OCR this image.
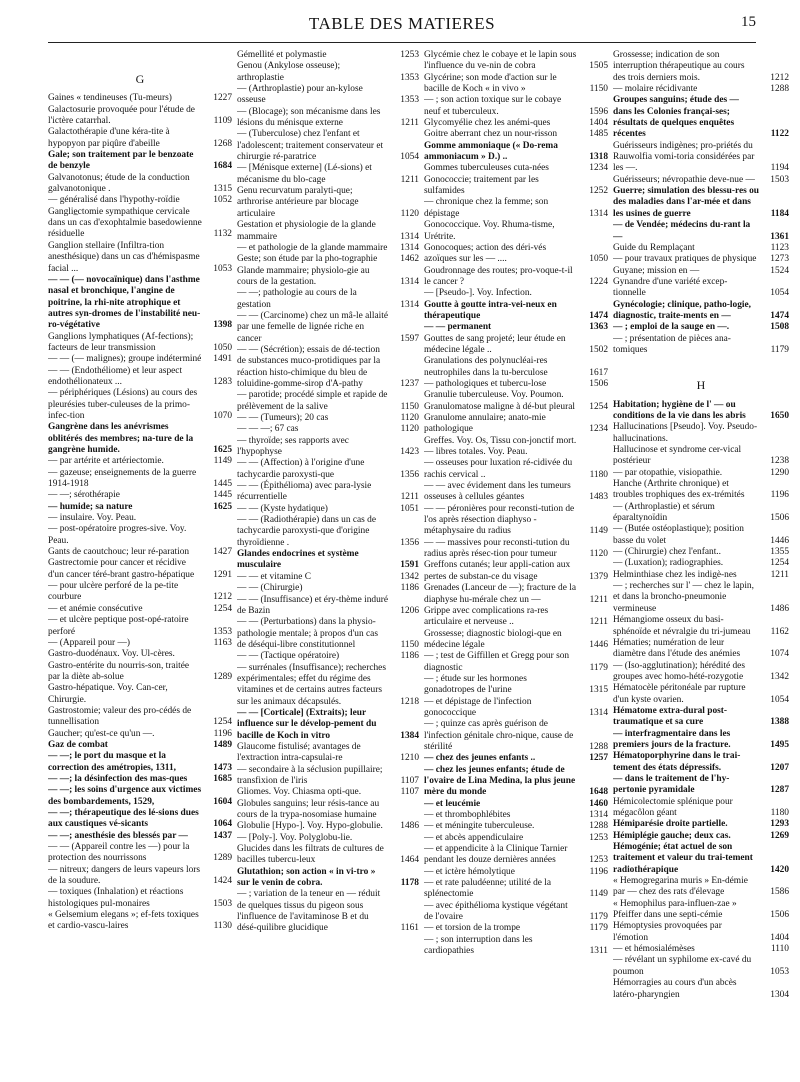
TABLE DES MATIERES	15
G
Gaines « tendineuses (Tu-meurs)	1227
Galactosurie provoquée pour l'étude de l'ictère catarrhal.	1109
Galactothérapie d'une kéra-tite à hypopyon par piqûre d'abeille	1268
Gale; son traitement par le benzoate de benzyle	1684
Galvanotonus; étude de la conduction galvanotonique .	1315
— généralisé dans l'hypothy-roïdie	1052
Ganglie̲ctomie sympathique cervicale dans un cas d'exophtalmie basedowienne résiduelle	1132
Ganglion stellaire (Infiltra-tion anesthésique) dans un cas d'hémispasme facial ...	1053
— — (— novocaïnique) dans l'asthme nasal et bronchique, l'angine de poitrine, la rhi-nite atrophique et autres syn-dromes de l'instabilité neu-ro-végétative	1398
Ganglions lymphatiques (Af-fections); facteurs de leur transmission	1050
— — (— malignes); groupe indéterminé	1491
— — (Endothéliome) et leur aspect endothélionateux ...	1283
— périphériques (Lésions) au cours des pleurésies tuber-culeuses de la primo-infec-tion	1070
Gangrène dans les anévrismes oblitérés des membres; na-ture de la gangrène humide.	1625
— par artérite et artériectomie.	1149
— gazeuse; enseignements de la guerre 1914-1918	1445
— —; sérothérapie	1445
— humide; sa nature	1625
— insulaire. Voy. Peau.
— post-opératoire progres-sive. Voy. Peau.
Gants de caoutchouc; leur ré-paration	1427
Gastrectomie pour cancer et récidive d'un cancer téré-brant gastro-hépatique	1291
— pour ulcère perforé de la pe-tite courbure	1212
— et anémie consécutive	1254
— et ulcère peptique post-opé-ratoire perforé	1353
— (Appareil pour —)	1163
Gastro-duodénaux. Voy. Ul-cères.
Gastro-entérite du nourris-son, traitée par la diète ab-solue	1289
Gastro-hépatique. Voy. Can-cer, Chirurgie.
Gastrostomie; valeur des pro-cédés de tunnellisation	1254
Gaucher; qu'est-ce qu'un —.	1196
Gaz de combat	1489
— —; le port du masque et la correction des amétropies, 1311,	1473
— —; la désinfection des mas-ques	1685
— —; les soins d'urgence aux victimes des bombardements, 1529,	1604
— —; thérapeutique des lé-sions dues aux caustiques vé-sicants	1064
— —; anesthésie des blessés par —	1437
— — (Appareil contre les —) pour la protection des nourrissons	1289
— nitreux; dangers de leurs vapeurs lors de la soudure.	1424
— toxiques (Inhalation) et réactions histologiques pul-monaires	1503
« Gelsemium elegans »; ef-fets toxiques et cardio-vascu-laires	1130
Gémellité et polymastie	1253
Genou (Ankylose osseuse); arthroplastie	1353
— (Arthroplastie) pour an-kylose osseuse	1353
— (Blocage); son mécanisme dans les lésions du ménisque externe	1211
— (Tuberculose) chez l'enfant et l'adolescent; traitement conservateur et chirurgie ré-paratrice	1054
— [Ménisque externe] (Lé-sions) et mécanisme du blo-cage	1211
Genu recurvatum paralyti-que; arthrorise antérieure par blocage articulaire	1120
Gestation et physiologie de la glande mammaire	1314
— et pathologie de la glande mammaire	1314
Geste; son étude par la pho-tographie	1462
Glande mammaire; physiolo-gie au cours de la gestation.	1314
— —; pathologie au cours de la gestation	1314
— — (Carcinome) chez un mâ-le allaité par une femelle de lignée riche en cancer	1597
— — (Sécrétion); essais de dé-tection de substances muco-protidiques par la réaction histo-chimique du bleu de toluidine-gomme-sirop d'A-pathy	1237
— parotide; procédé simple et rapide de prélèvement de la salive	1150
— — (Tumeurs); 20 cas	1120
— — —; 67 cas	1120
— thyroïde; ses rapports avec l'hypophyse	1423
— — (Affection) à l'origine d'une tachycardie paroxysti-que	1356
— — (Épithélioma) avec para-lysie récurrentielle	1211
— — (Kyste hydatique)	1051
— — (Radiothérapie) dans un cas de tachycardie paroxysti-que d'origine thyroïdienne .	1356
Glandes endocrines et système musculaire	1591
— — et vitamine C	1342
— — (Chirurgie)	1186
— — (Insuffisance) et éry-thème induré de Bazin	1206
— — (Perturbations) dans la physio-pathologie mentale; à propos d'un cas de déséqui-libre constitutionnel	1150
— — (Tactique opératoire)	1186
— surrénales (Insuffisance); recherches expérimentales; effet du régime des vitamines et de certains autres facteurs sur les animaux décapsulés.	1218
— — [Corticale] (Extraits); leur influence sur le dévelop-pement du bacille de Koch in vitro	1384
Glaucome fistulisé; avantages de l'extraction intra-capsulai-re	1210
— secondaire à la séclusion pupillaire; transfixion de l'iris	1107
Gliomes. Voy. Chiasma opti-que.	1107
Globules sanguins; leur résis-tance au cours de la trypa-nosomiase humaine
Globulie [Hypo-]. Voy. Hypo-globulie.	1486
— [Poly-]. Voy. Polyglobu-lie.
Glucides dans les filtrats de cultures de bacilles tubercu-leux	1464
Glutathion; son action « in vi-tro » sur le venin de cobra.	1178
— ; variation de la teneur en — réduit de quelques tissus du pigeon sous l'influence de l'avitaminose B et du désé-quilibre glucidique	1161
Glycémie chez le cobaye et le lapin sous l'influence du ve-nin de cobra	1505
Glycérine; son mode d'action sur le bacille de Koch « in vivo »	1150
— ; son action toxique sur le cobaye neuf et tuberculeux.	1596
Glycomyélie chez les anémi-ques	1404
Goitre aberrant chez un nour-risson	1485
Gomme ammoniaque (« Do-rema ammoniacum » D.) ..	1318
Gommes tuberculeuses cuta-nées	1234
Gonococcie; traitement par les sulfamides	1252
— chronique chez la femme; son dépistage	1314
Gonococcique. Voy. Rhuma-tisme, Urétrite.
Gonocoques; action des déri-vés azoïques sur les — ....	1050
Goudronnage des routes; pro-voque-t-il le cancer ?	1224
— [Pseudo-]. Voy. Infection.
Goutte à goutte intra-vei-neux en thérapeutique	1474
— — permanent	1363
Gouttes de sang projeté; leur étude en médecine légale ..	1502
Granulations des polynucléai-res neutrophiles dans la tu-berculose	1617
— pathologiques et tubercu-lose	1506
Granulie tuberculeuse. Voy. Poumon.
Granulomatose maligne à dé-but pleural	1254
Granulome annulaire; anato-mie pathologique	1234
Greffes. Voy. Os, Tissu con-jonctif mort.
— libres totales. Voy. Peau.
— osseuses pour luxation ré-cidivée du rachis cervical ..	1180
— — avec évidement dans les tumeurs osseuses à cellules géantes	1483
— — péronières pour reconsti-tution de l'os après résection diaphyso - métaphysaire du radius	1149
— — massives pour reconsti-tution du radius après résec-tion pour tumeur	1120
Greffons cutanés; leur appli-cation aux pertes de substan-ce du visage	1379
Grenades (Lanceur de —); fracture de la diaphyse hu-mérale chez un —	1211
Grippe avec complications ra-res articulaire et nerveuse ..	1211
Grossesse; diagnostic biologi-que en médecine légale	1446
— ; test de Giffillen et Gregg pour son diagnostic	1179
— ; étude sur les hormones gonadotropes de l'urine	1315
— et dépistage de l'infection gonococcique	1314
— ; quinze cas après guérison de l'infection génitale chro-nique, cause de stérilité	1288
— chez des jeunes enfants ..	1257
— chez les jeunes enfants; étude de l'ovaire de Lina Medina, la plus jeune mère du monde	1648
— et leucémie	1460
— et thrombophlébites	1314
— et méningite tuberculeuse.	1288
— et abcès appendiculaire	1253
— et appendicite à la Clinique Tarnier pendant les douze dernières années	1253
— et ictère hémolytique	1196
— et rate paludéenne; utilité de la splénectomie	1149
— avec épithélioma kystique végétant de l'ovaire	1179
— et torsion de la trompe	1179
— ; son interruption dans les cardiopathies	1311
Grossesse; indication de son interruption thérapeutique au cours des trois derniers mois.	1212
— molaire récidivante	1288
Groupes sanguins; étude des — dans les Colonies françai-ses; résultats de quelques enquêtes récentes	1122
Guérisseurs indigènes; pro-priétés du Rauwolfia vomi-toria considérées par les —.	1194
Guérisseurs; névropathie deve-nue —	1503
Guerre; simulation des blessu-res ou des maladies dans l'ar-mée et dans les usines de guerre	1184
— de Vendée; médecins du-rant la —	1361
Guide du Remplaçant	1123
— pour travaux pratiques de physique	1273
Guyane; mission en —	1524
Gynandre d'une variété excep-tionnelle	1054
Gynécologie; clinique, patho-logie, diagnostic, traite-ments en —	1474
— ; emploi de la sauge en —.	1508
— ; présentation de pièces ana-tomiques	1179
H
Habitation; hygiène de l' — ou conditions de la vie dans les abris	1650
Hallucinations [Pseudo]. Voy. Pseudo-hallucinations.
Hallucinose et syndrome cer-vical postérieur	1238
— par otopathie, visiopathie.	1290
Hanche (Arthrite chronique) et troubles trophiques des ex-trémités	1196
— (Arthroplastie) et sérum éparaltynoïdin	1506
— (Butée ostéoplastique); position basse du volet	1446
— (Chirurgie) chez l'enfant..	1355
— (Luxation); radiographies.	1254
Helminthiase chez les indigè-nes	1211
— ; recherches sur l' — chez le lapin, et dans la broncho-pneumonie vermineuse	1486
Hémangiome osseux du basi-sphénoïde et névralgie du tri-jumeau	1162
Hématies; numération de leur diamètre dans l'étude des anémies	1074
— (Iso-agglutination); hérédité des groupes avec homo-hété-rozygotie	1342
Hématocèle péritonéale par rupture d'un kyste ovarien.	1054
Hématome extra-dural post-traumatique et sa cure	1388
— interfragmentaire dans les premiers jours de la fracture.	1495
Hématoporphyrine dans le trai-tement des états dépressifs.	1207
— dans le traitement de l'hy-pertonie pyramidale	1287
Hémicolectomie splénique pour mégacôlon géant	1180
Hémiparésie droite partielle.	1293
Hémiplégie gauche; deux cas.	1269
Hémogénie; état actuel de son traitement et valeur du trai-tement radiothérapique	1420
« Hemogregarina muris » En-démie par — chez des rats d'élevage	1586
« Hemophilus para-influen-zae » Pfeiffer dans une septi-cémie	1506
Hémoptysies provoquées par l'émotion	1404
— et hémosialémèses	1110
— révélant un syphilome ex-cavé du poumon	1053
Hémorragies au cours d'un abcès latéro-pharyngien	1304
